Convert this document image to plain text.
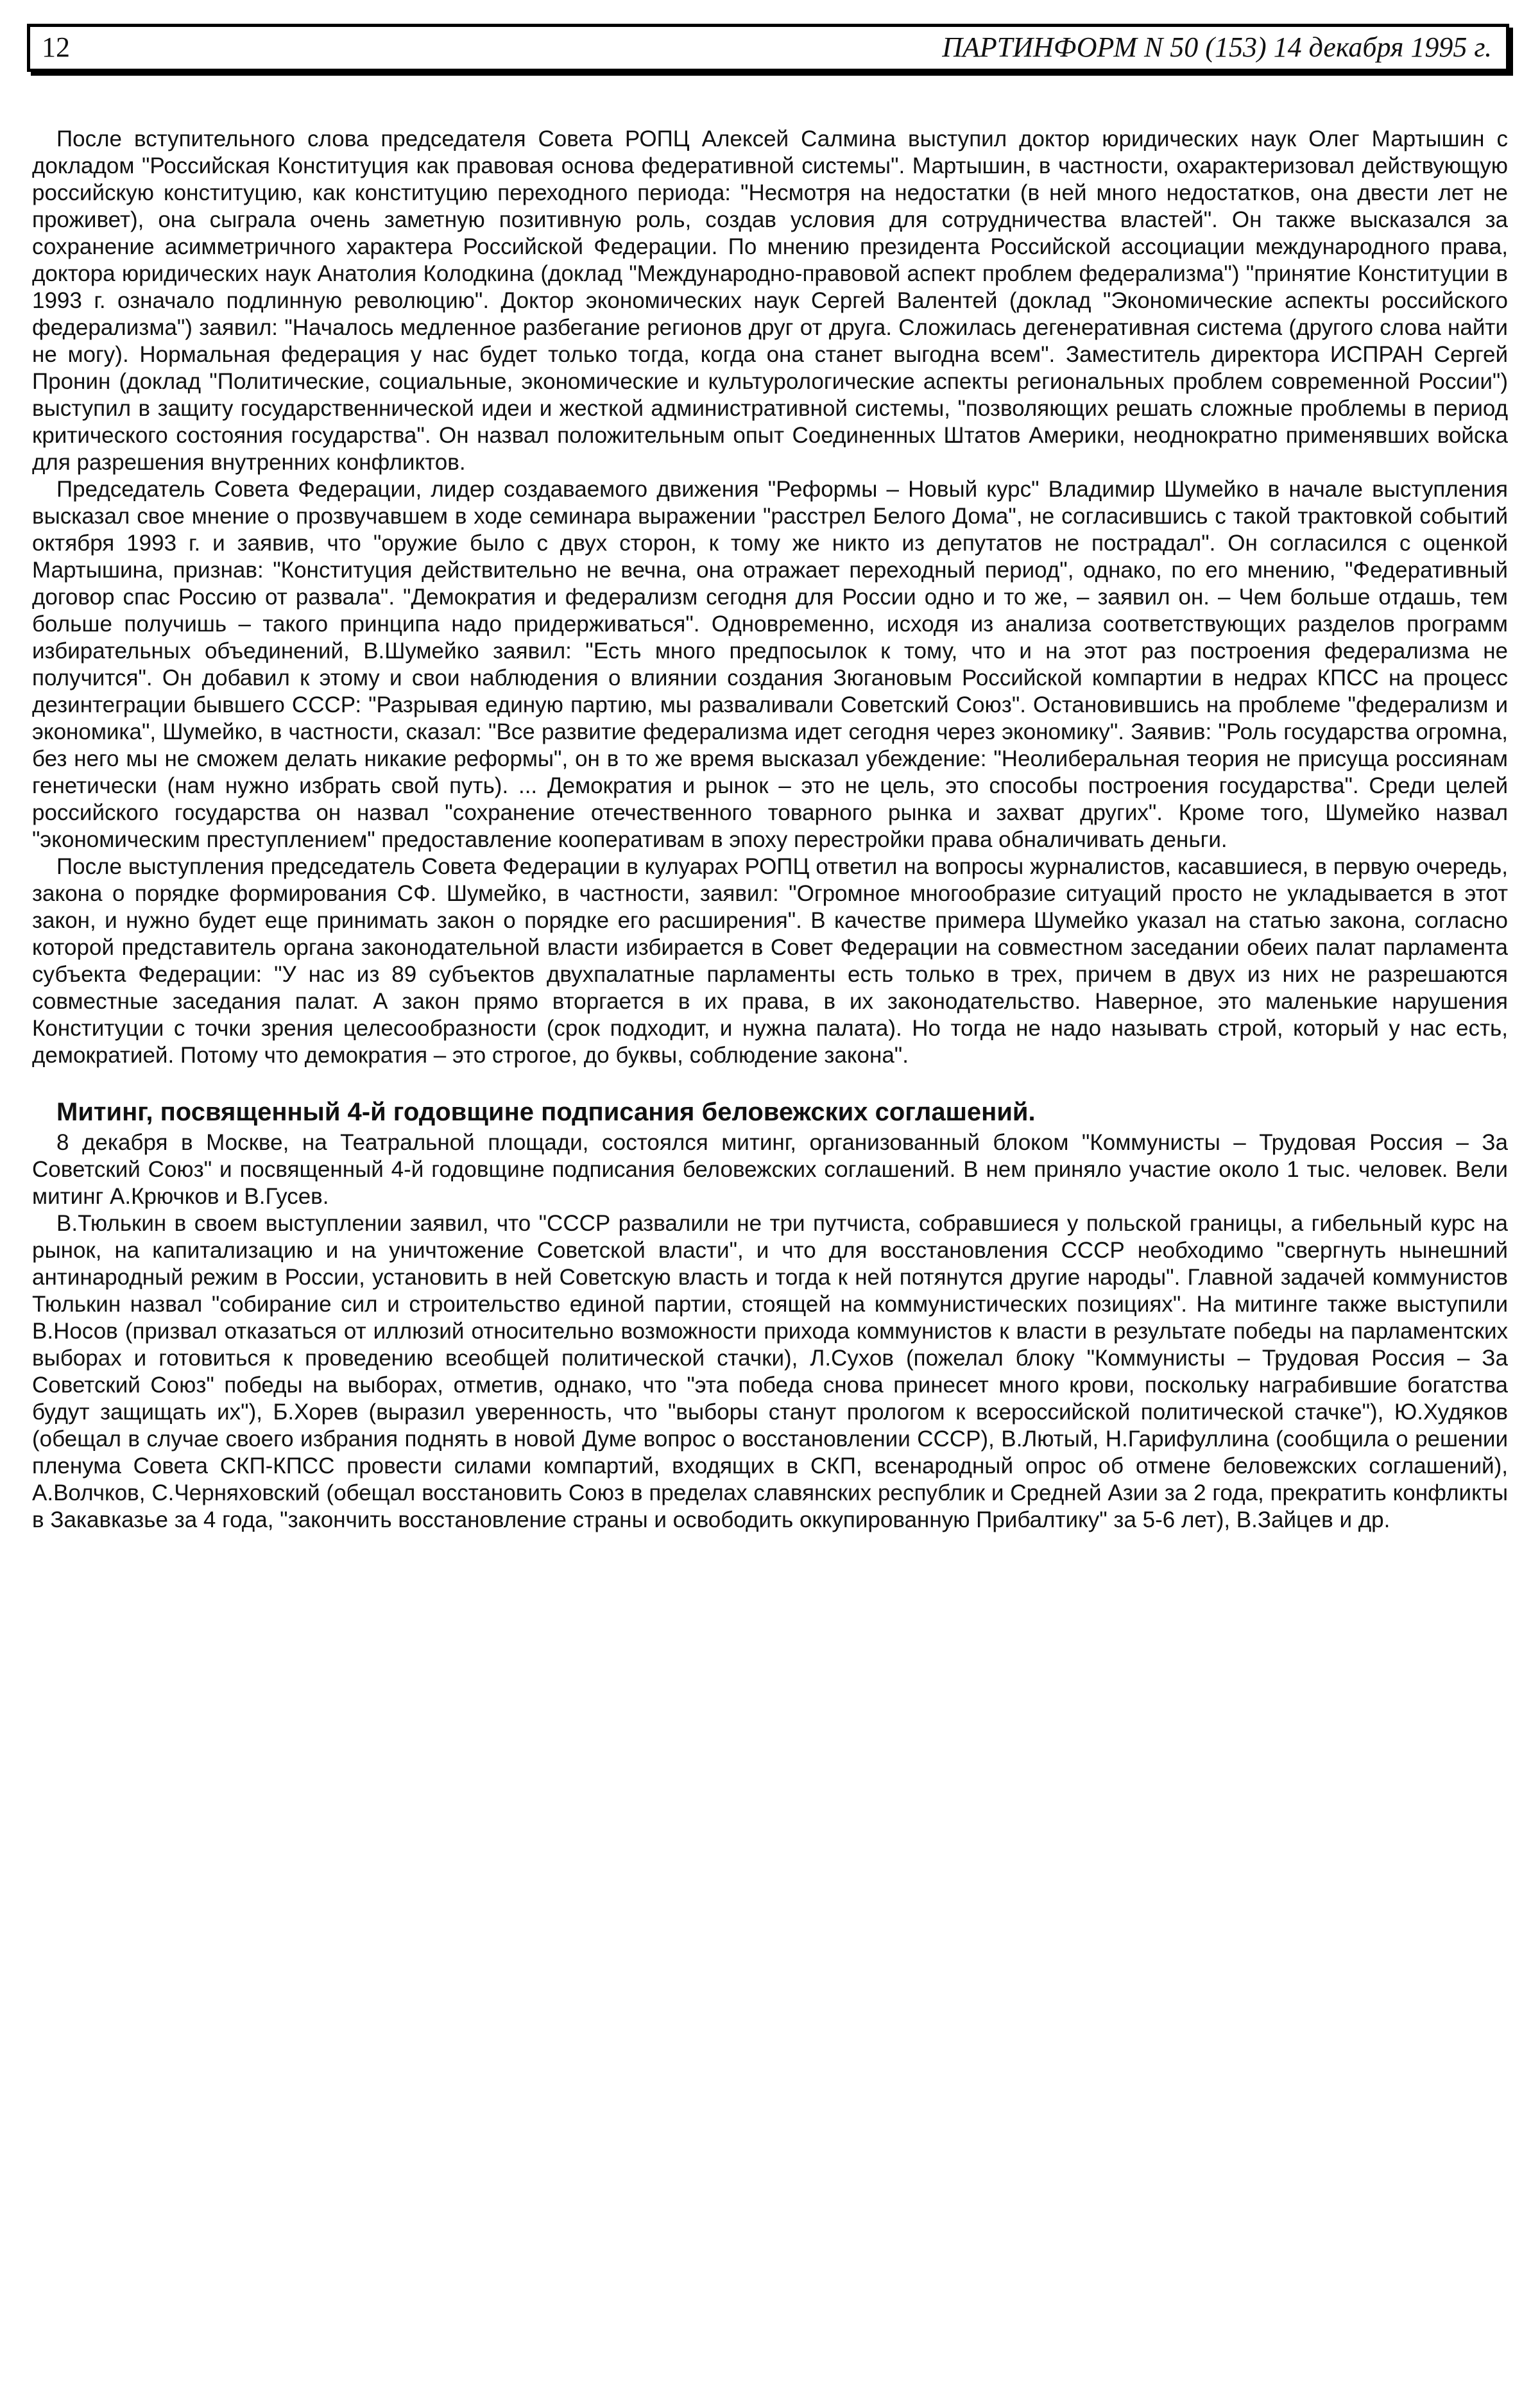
12	ПАРТИНФОРМ N 50 (153) 14 декабря 1995 г.

После вступительного слова председателя Совета РОПЦ Алексей Салмина выступил доктор юридических наук Олег Мартышин с докладом "Российская Конституция как правовая основа федеративной системы". Мартышин, в частности, охарактеризовал действующую российскую конституцию, как конституцию переходного периода: "Несмотря на недостатки (в ней много недостатков, она двести лет не проживет), она сыграла очень заметную позитивную роль, создав условия для сотрудничества властей". Он также высказался за сохранение асимметричного характера Российской Федерации. По мнению президента Российской ассоциации международного права, доктора юридических наук Анатолия Колодкина (доклад "Международно-правовой аспект проблем федерализма") "принятие Конституции в 1993 г. означало подлинную революцию". Доктор экономических наук Сергей Валентей (доклад "Экономические аспекты российского федерализма") заявил: "Началось медленное разбегание регионов друг от друга. Сложилась дегенеративная система (другого слова найти не могу). Нормальная федерация у нас будет только тогда, когда она станет выгодна всем". Заместитель директора ИСПРАН Сергей Пронин (доклад "Политические, социальные, экономические и культурологические аспекты региональных проблем современной России") выступил в защиту государственнической идеи и жесткой административной системы, "позволяющих решать сложные проблемы в период критического состояния государства". Он назвал положительным опыт Соединенных Штатов Америки, неоднократно применявших войска для разрешения внутренних конфликтов.

Председатель Совета Федерации, лидер создаваемого движения "Реформы – Новый курс" Владимир Шумейко в начале выступления высказал свое мнение о прозвучавшем в ходе семинара выражении "расстрел Белого Дома", не согласившись с такой трактовкой событий октября 1993 г. и заявив, что "оружие было с двух сторон, к тому же никто из депутатов не пострадал". Он согласился с оценкой Мартышина, признав: "Конституция действительно не вечна, она отражает переходный период", однако, по его мнению, "Федеративный договор спас Россию от развала". "Демократия и федерализм сегодня для России одно и то же, – заявил он. – Чем больше отдашь, тем больше получишь – такого принципа надо придерживаться". Одновременно, исходя из анализа соответствующих разделов программ избирательных объединений, В.Шумейко заявил: "Есть много предпосылок к тому, что и на этот раз построения федерализма не получится". Он добавил к этому и свои наблюдения о влиянии создания Зюгановым Российской компартии в недрах КПСС на процесс дезинтеграции бывшего СССР: "Разрывая единую партию, мы разваливали Советский Союз". Остановившись на проблеме "федерализм и экономика", Шумейко, в частности, сказал: "Все развитие федерализма идет сегодня через экономику". Заявив: "Роль государства огромна, без него мы не сможем делать никакие реформы", он в то же время высказал убеждение: "Неолиберальная теория не присуща россиянам генетически (нам нужно избрать свой путь). ... Демократия и рынок – это не цель, это способы построения государства". Среди целей российского государства он назвал "сохранение отечественного товарного рынка и захват других". Кроме того, Шумейко назвал "экономическим преступлением" предоставление кооперативам в эпоху перестройки права обналичивать деньги.

После выступления председатель Совета Федерации в кулуарах РОПЦ ответил на вопросы журналистов, касавшиеся, в первую очередь, закона о порядке формирования СФ. Шумейко, в частности, заявил: "Огромное многообразие ситуаций просто не укладывается в этот закон, и нужно будет еще принимать закон о порядке его расширения". В качестве примера Шумейко указал на статью закона, согласно которой представитель органа законодательной власти избирается в Совет Федерации на совместном заседании обеих палат парламента субъекта Федерации: "У нас из 89 субъектов двухпалатные парламенты есть только в трех, причем в двух из них не разрешаются совместные заседания палат. А закон прямо вторгается в их права, в их законодательство. Наверное, это маленькие нарушения Конституции с точки зрения целесообразности (срок подходит, и нужна палата). Но тогда не надо называть строй, который у нас есть, демократией. Потому что демократия – это строгое, до буквы, соблюдение закона".

Митинг, посвященный 4-й годовщине подписания беловежских соглашений.

8 декабря в Москве, на Театральной площади, состоялся митинг, организованный блоком "Коммунисты – Трудовая Россия – За Советский Союз" и посвященный 4-й годовщине подписания беловежских соглашений. В нем приняло участие около 1 тыс. человек. Вели митинг А.Крючков и В.Гусев.

В.Тюлькин в своем выступлении заявил, что "СССР развалили не три путчиста, собравшиеся у польской границы, а гибельный курс на рынок, на капитализацию и на уничтожение Советской власти", и что для восстановления СССР необходимо "свергнуть нынешний антинародный режим в России, установить в ней Советскую власть и тогда к ней потянутся другие народы". Главной задачей коммунистов Тюлькин назвал "собирание сил и строительство единой партии, стоящей на коммунистических позициях". На митинге также выступили В.Носов (призвал отказаться от иллюзий относительно возможности прихода коммунистов к власти в результате победы на парламентских выборах и готовиться к проведению всеобщей политической стачки), Л.Сухов (пожелал блоку "Коммунисты – Трудовая Россия – За Советский Союз" победы на выборах, отметив, однако, что "эта победа снова принесет много крови, поскольку награбившие богатства будут защищать их"), Б.Хорев (выразил уверенность, что "выборы станут прологом к всероссийской политической стачке"), Ю.Худяков (обещал в случае своего избрания поднять в новой Думе вопрос о восстановлении СССР), В.Лютый, Н.Гарифуллина (сообщила о решении пленума Совета СКП-КПСС провести силами компартий, входящих в СКП, всенародный опрос об отмене беловежских соглашений), А.Волчков, С.Черняховский (обещал восстановить Союз в пределах славянских республик и Средней Азии за 2 года, прекратить конфликты в Закавказье за 4 года, "закончить восстановление страны и освободить оккупированную Прибалтику" за 5-6 лет), В.Зайцев и др.
